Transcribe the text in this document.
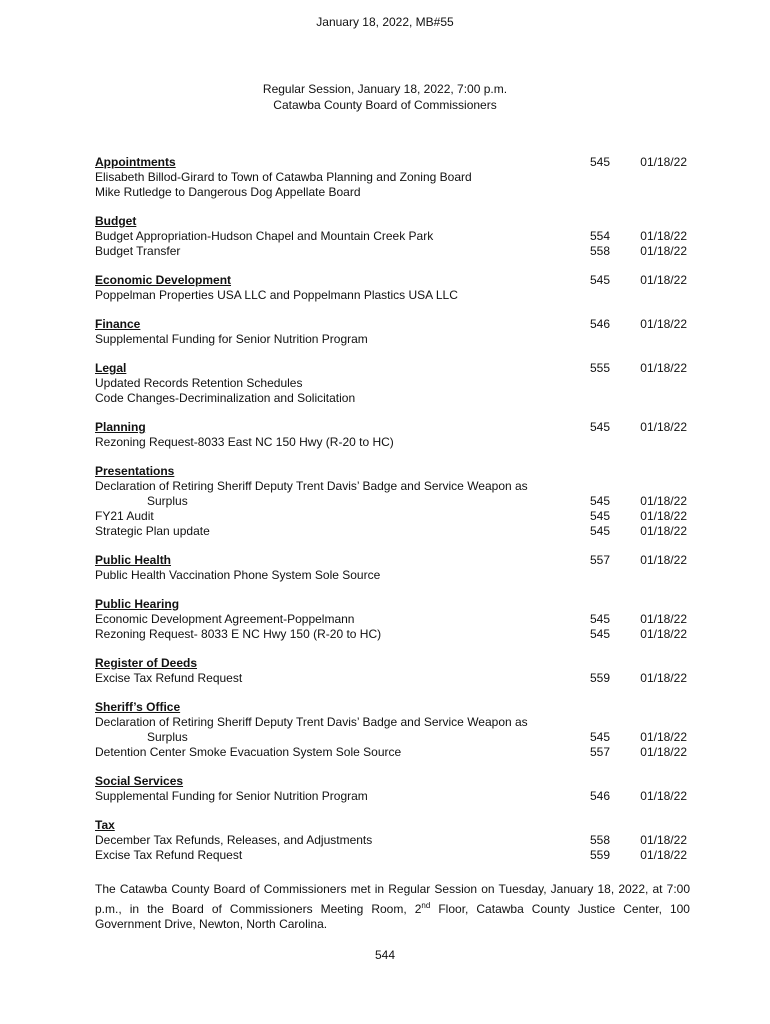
January 18, 2022, MB#55
Regular Session, January 18, 2022, 7:00 p.m.
Catawba County Board of Commissioners
Appointments	545	01/18/22
Elisabeth Billod-Girard to Town of Catawba Planning and Zoning Board
Mike Rutledge to Dangerous Dog Appellate Board
Budget
Budget Appropriation-Hudson Chapel and Mountain Creek Park	554	01/18/22
Budget Transfer	558	01/18/22
Economic Development	545	01/18/22
Poppelman Properties USA LLC and Poppelmann Plastics USA LLC
Finance	546	01/18/22
Supplemental Funding for Senior Nutrition Program
Legal	555	01/18/22
Updated Records Retention Schedules
Code Changes-Decriminalization and Solicitation
Planning	545	01/18/22
Rezoning Request-8033 East NC 150 Hwy (R-20 to HC)
Presentations
Declaration of Retiring Sheriff Deputy Trent Davis’ Badge and Service Weapon as
Surplus	545	01/18/22
FY21 Audit	545	01/18/22
Strategic Plan update	545	01/18/22
Public Health	557	01/18/22
Public Health Vaccination Phone System Sole Source
Public Hearing
Economic Development Agreement-Poppelmann	545	01/18/22
Rezoning Request- 8033 E NC Hwy 150 (R-20 to HC)	545	01/18/22
Register of Deeds
Excise Tax Refund Request	559	01/18/22
Sheriff’s Office
Declaration of Retiring Sheriff Deputy Trent Davis’ Badge and Service Weapon as
Surplus	545	01/18/22
Detention Center Smoke Evacuation System Sole Source	557	01/18/22
Social Services
Supplemental Funding for Senior Nutrition Program	546	01/18/22
Tax
December Tax Refunds, Releases, and Adjustments	558	01/18/22
Excise Tax Refund Request	559	01/18/22
The Catawba County Board of Commissioners met in Regular Session on Tuesday, January 18, 2022, at 7:00 p.m., in the Board of Commissioners Meeting Room, 2nd Floor, Catawba County Justice Center, 100 Government Drive, Newton, North Carolina.
544
